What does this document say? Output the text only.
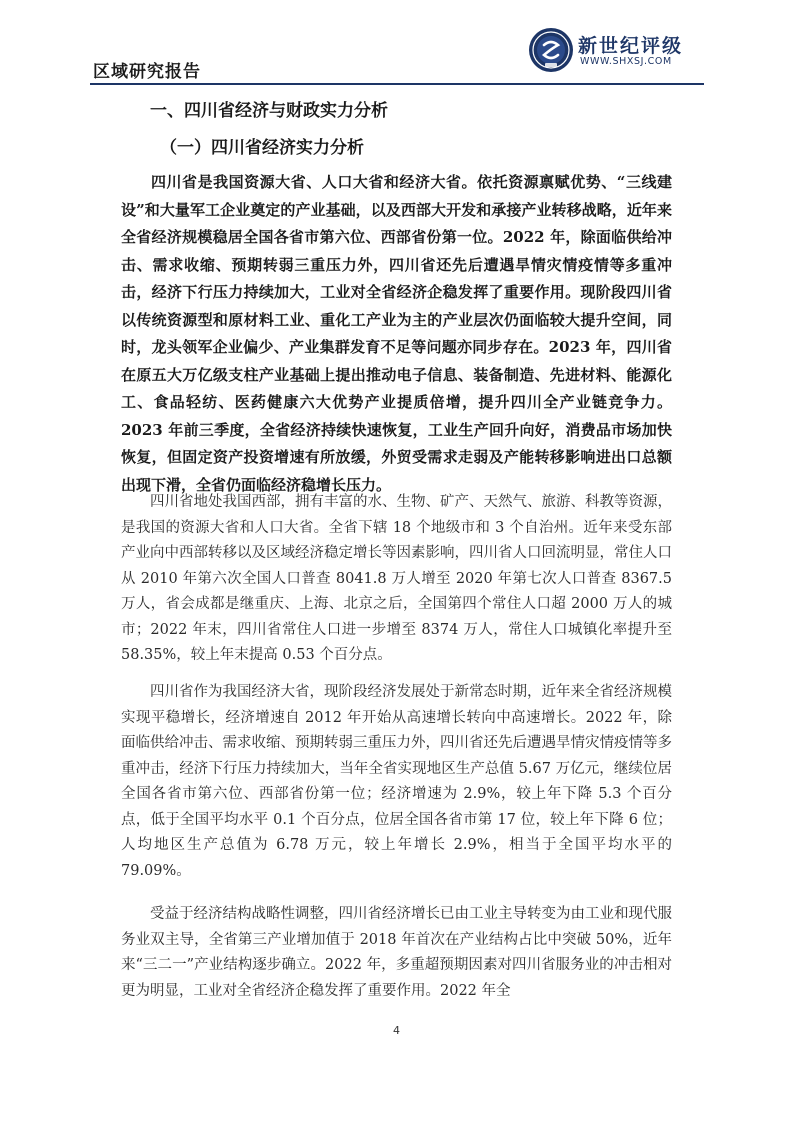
区域研究报告
新世纪评级
WWW.SHXSJ.COM

一、四川省经济与财政实力分析

（一）四川省经济实力分析

四川省是我国资源大省、人口大省和经济大省。依托资源禀赋优势、“三线建设”和大量军工企业奠定的产业基础，以及西部大开发和承接产业转移战略，近年来全省经济规模稳居全国各省市第六位、西部省份第一位。2022 年，除面临供给冲击、需求收缩、预期转弱三重压力外，四川省还先后遭遇旱情灾情疫情等多重冲击，经济下行压力持续加大，工业对全省经济企稳发挥了重要作用。现阶段四川省以传统资源型和原材料工业、重化工产业为主的产业层次仍面临较大提升空间，同时，龙头领军企业偏少、产业集群发育不足等问题亦同步存在。2023 年，四川省在原五大万亿级支柱产业基础上提出推动电子信息、装备制造、先进材料、能源化工、食品轻纺、医药健康六大优势产业提质倍增，提升四川全产业链竞争力。2023 年前三季度，全省经济持续快速恢复，工业生产回升向好，消费品市场加快恢复，但固定资产投资增速有所放缓，外贸受需求走弱及产能转移影响进出口总额出现下滑，全省仍面临经济稳增长压力。

四川省地处我国西部，拥有丰富的水、生物、矿产、天然气、旅游、科教等资源，是我国的资源大省和人口大省。全省下辖 18 个地级市和 3 个自治州。近年来受东部产业向中西部转移以及区域经济稳定增长等因素影响，四川省人口回流明显，常住人口从 2010 年第六次全国人口普查 8041.8 万人增至 2020 年第七次人口普查 8367.5 万人，省会成都是继重庆、上海、北京之后，全国第四个常住人口超 2000 万人的城市；2022 年末，四川省常住人口进一步增至 8374 万人，常住人口城镇化率提升至 58.35%，较上年末提高 0.53 个百分点。

四川省作为我国经济大省，现阶段经济发展处于新常态时期，近年来全省经济规模实现平稳增长，经济增速自 2012 年开始从高速增长转向中高速增长。2022 年，除面临供给冲击、需求收缩、预期转弱三重压力外，四川省还先后遭遇旱情灾情疫情等多重冲击，经济下行压力持续加大，当年全省实现地区生产总值 5.67 万亿元，继续位居全国各省市第六位、西部省份第一位；经济增速为 2.9%，较上年下降 5.3 个百分点，低于全国平均水平 0.1 个百分点，位居全国各省市第 17 位，较上年下降 6 位；人均地区生产总值为 6.78 万元，较上年增长 2.9%，相当于全国平均水平的 79.09%。

受益于经济结构战略性调整，四川省经济增长已由工业主导转变为由工业和现代服务业双主导，全省第三产业增加值于 2018 年首次在产业结构占比中突破 50%，近年来“三二一”产业结构逐步确立。2022 年，多重超预期因素对四川省服务业的冲击相对更为明显，工业对全省经济企稳发挥了重要作用。2022 年全

4
